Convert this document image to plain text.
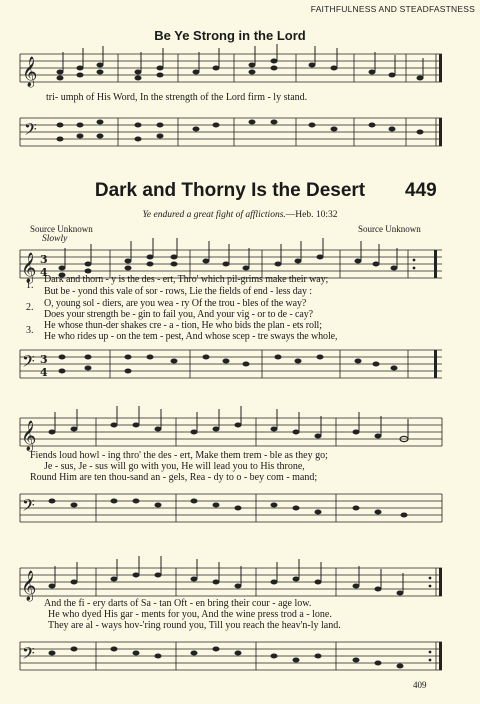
FAITHFULNESS AND STEADFASTNESS
Be Ye Strong in the Lord
𝄞
tri- umph of His Word, In the strength of the Lord firm - ly stand.
𝄢
Dark and Thorny Is the Desert	449
Ye endured a great fight of afflictions.—Heb. 10:32
Source Unknown	Source Unknown
Slowly
𝄞 3
4
1.
2.
3.
Dark and thorn - y is the des - ert, Thro' which pil-grims make their way;
But be - yond this vale of sor - rows, Lie the fields of end - less day :
O, young sol - diers, are you wea - ry Of the trou - bles of the way?
Does your strength be - gin to fail you, And your vig - or to de - cay?
He whose thun-der shakes cre - a - tion, He who bids the plan - ets roll;
He who rides up - on the tem - pest, And whose scep - tre sways the whole,
𝄢 3
4
𝄞
Fiends loud howl - ing thro' the des - ert, Make them trem - ble as they go;
Je - sus, Je - sus will go with you, He will lead you to His throne,
Round Him are ten thou-sand an - gels, Rea - dy to o - bey com - mand;
𝄢
𝄞
And the fi - ery darts of Sa - tan Oft - en bring their cour - age low.
He who dyed His gar - ments for you, And the wine press trod a - lone.
They are al - ways hov-'ring round you, Till you reach the heav'n-ly land.
𝄢
409
